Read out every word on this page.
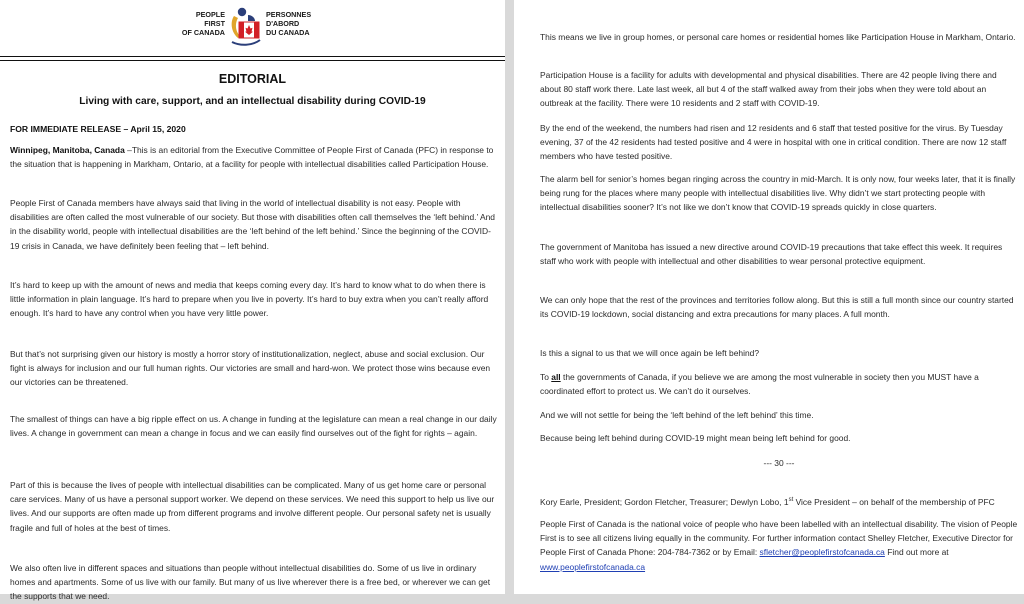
PEOPLE
FIRST
OF CANADA
PERSONNES
D'ABORD
DU CANADA
EDITORIAL
Living with care, support, and an intellectual disability during COVID-19
FOR IMMEDIATE RELEASE – April 15, 2020

Winnipeg, Manitoba, Canada –This is an editorial from the Executive Committee of People First of Canada (PFC) in response to the situation that is happening in Markham, Ontario, at a facility for people with intellectual disabilities called Participation House.

People First of Canada members have always said that living in the world of intellectual disability is not easy. People with disabilities are often called the most vulnerable of our society. But those with disabilities often call themselves the ‘left behind.’ And in the disability world, people with intellectual disabilities are the ‘left behind of the left behind.’ Since the beginning of the COVID-19 crisis in Canada, we have definitely been feeling that – left behind.

It’s hard to keep up with the amount of news and media that keeps coming every day. It’s hard to know what to do when there is little information in plain language. It’s hard to prepare when you live in poverty. It’s hard to buy extra when you can’t really afford enough. It’s hard to have any control when you have very little power.

But that’s not surprising given our history is mostly a horror story of institutionalization, neglect, abuse and social exclusion. Our fight is always for inclusion and our full human rights. Our victories are small and hard-won. We protect those wins because even our victories can be threatened.

The smallest of things can have a big ripple effect on us. A change in funding at the legislature can mean a real change in our daily lives. A change in government can mean a change in focus and we can easily find ourselves out of the fight for rights – again.

Part of this is because the lives of people with intellectual disabilities can be complicated. Many of us get home care or personal care services. Many of us have a personal support worker. We depend on these services. We need this support to help us live our lives. And our supports are often made up from different programs and involve different people. Our personal safety net is usually fragile and full of holes at the best of times.

We also often live in different spaces and situations than people without intellectual disabilities do. Some of us live in ordinary homes and apartments. Some of us live with our family. But many of us live wherever there is a free bed, or wherever we can get the supports that we need.

This means we live in group homes, or personal care homes or residential homes like Participation House in Markham, Ontario.

Participation House is a facility for adults with developmental and physical disabilities. There are 42 people living there and about 80 staff work there. Late last week, all but 4 of the staff walked away from their jobs when they were told about an outbreak at the facility. There were 10 residents and 2 staff with COVID-19.

By the end of the weekend, the numbers had risen and 12 residents and 6 staff that tested positive for the virus. By Tuesday evening, 37 of the 42 residents had tested positive and 4 were in hospital with one in critical condition. There are now 12 staff members who have tested positive.

The alarm bell for senior’s homes began ringing across the country in mid-March. It is only now, four weeks later, that it is finally being rung for the places where many people with intellectual disabilities live. Why didn’t we start protecting people with intellectual disabilities sooner? It’s not like we don’t know that COVID-19 spreads quickly in close quarters.

The government of Manitoba has issued a new directive around COVID-19 precautions that take effect this week. It requires staff who work with people with intellectual and other disabilities to wear personal protective equipment.

We can only hope that the rest of the provinces and territories follow along. But this is still a full month since our country started its COVID-19 lockdown, social distancing and extra precautions for many places. A full month.

Is this a signal to us that we will once again be left behind?

To all the governments of Canada, if you believe we are among the most vulnerable in society then you MUST have a coordinated effort to protect us. We can’t do it ourselves.

And we will not settle for being the ‘left behind of the left behind’ this time.

Because being left behind during COVID-19 might mean being left behind for good.

--- 30 ---

Kory Earle, President; Gordon Fletcher, Treasurer; Dewlyn Lobo, 1st Vice President – on behalf of the membership of PFC

People First of Canada is the national voice of people who have been labelled with an intellectual disability. The vision of People First is to see all citizens living equally in the community. For further information contact Shelley Fletcher, Executive Director for People First of Canada Phone: 204-784-7362 or by Email: sfletcher@peoplefirstofcanada.ca Find out more at www.peoplefirstofcanada.ca
